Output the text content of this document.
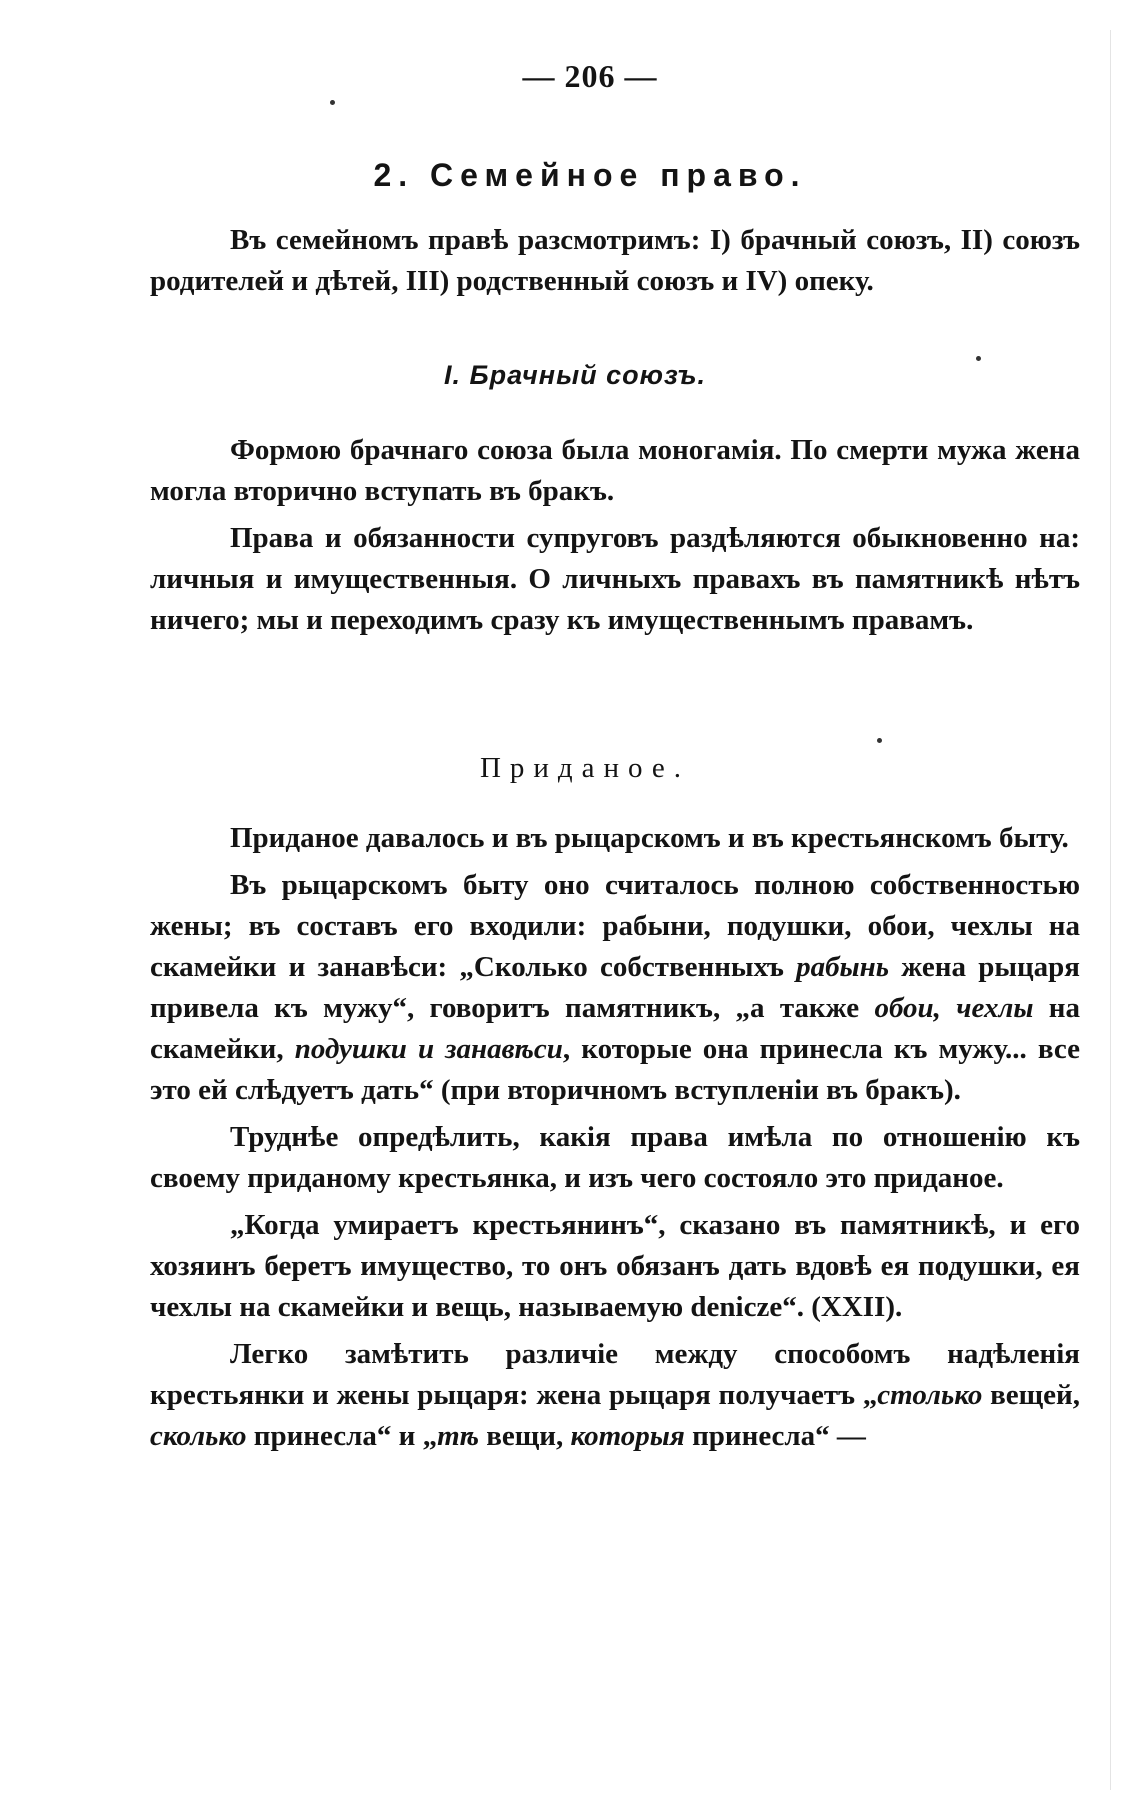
— 206 —
2. Семейное право.

Въ семейномъ правѣ разсмотримъ: I) брачный союзъ, II) союзъ родителей и дѣтей, III) родственный союзъ и IV) опеку.

I. Брачный союзъ.

Формою брачнаго союза была моногамія. По смерти мужа жена могла вторично вступать въ бракъ.

Права и обязанности супруговъ раздѣляются обыкновенно на: личныя и имущественныя. О личныхъ правахъ въ памятникѣ нѣтъ ничего; мы и переходимъ сразу къ имущественнымъ правамъ.

Приданое.

Приданое давалось и въ рыцарскомъ и въ крестьянскомъ быту.

Въ рыцарскомъ быту оно считалось полною собственностью жены; въ составъ его входили: рабыни, подушки, обои, чехлы на скамейки и занавѣси: „Сколько собственныхъ рабынь жена рыцаря привела къ мужу“, говоритъ памятникъ, „а также обои, чехлы на скамейки, подушки и занавѣси, которые она принесла къ мужу... все это ей слѣдуетъ дать“ (при вторичномъ вступленіи въ бракъ).

Труднѣе опредѣлить, какія права имѣла по отношенію къ своему приданому крестьянка, и изъ чего состояло это приданое.

„Когда умираетъ крестьянинъ“, сказано въ памятникѣ, и его хозяинъ беретъ имущество, то онъ обязанъ дать вдовѣ ея подушки, ея чехлы на скамейки и вещь, называемую denicze“. (XXII).

Легко замѣтить различіе между способомъ надѣленія крестьянки и жены рыцаря: жена рыцаря получаетъ „столько вещей, сколько принесла“ и „тѣ вещи, которыя принесла“ —
